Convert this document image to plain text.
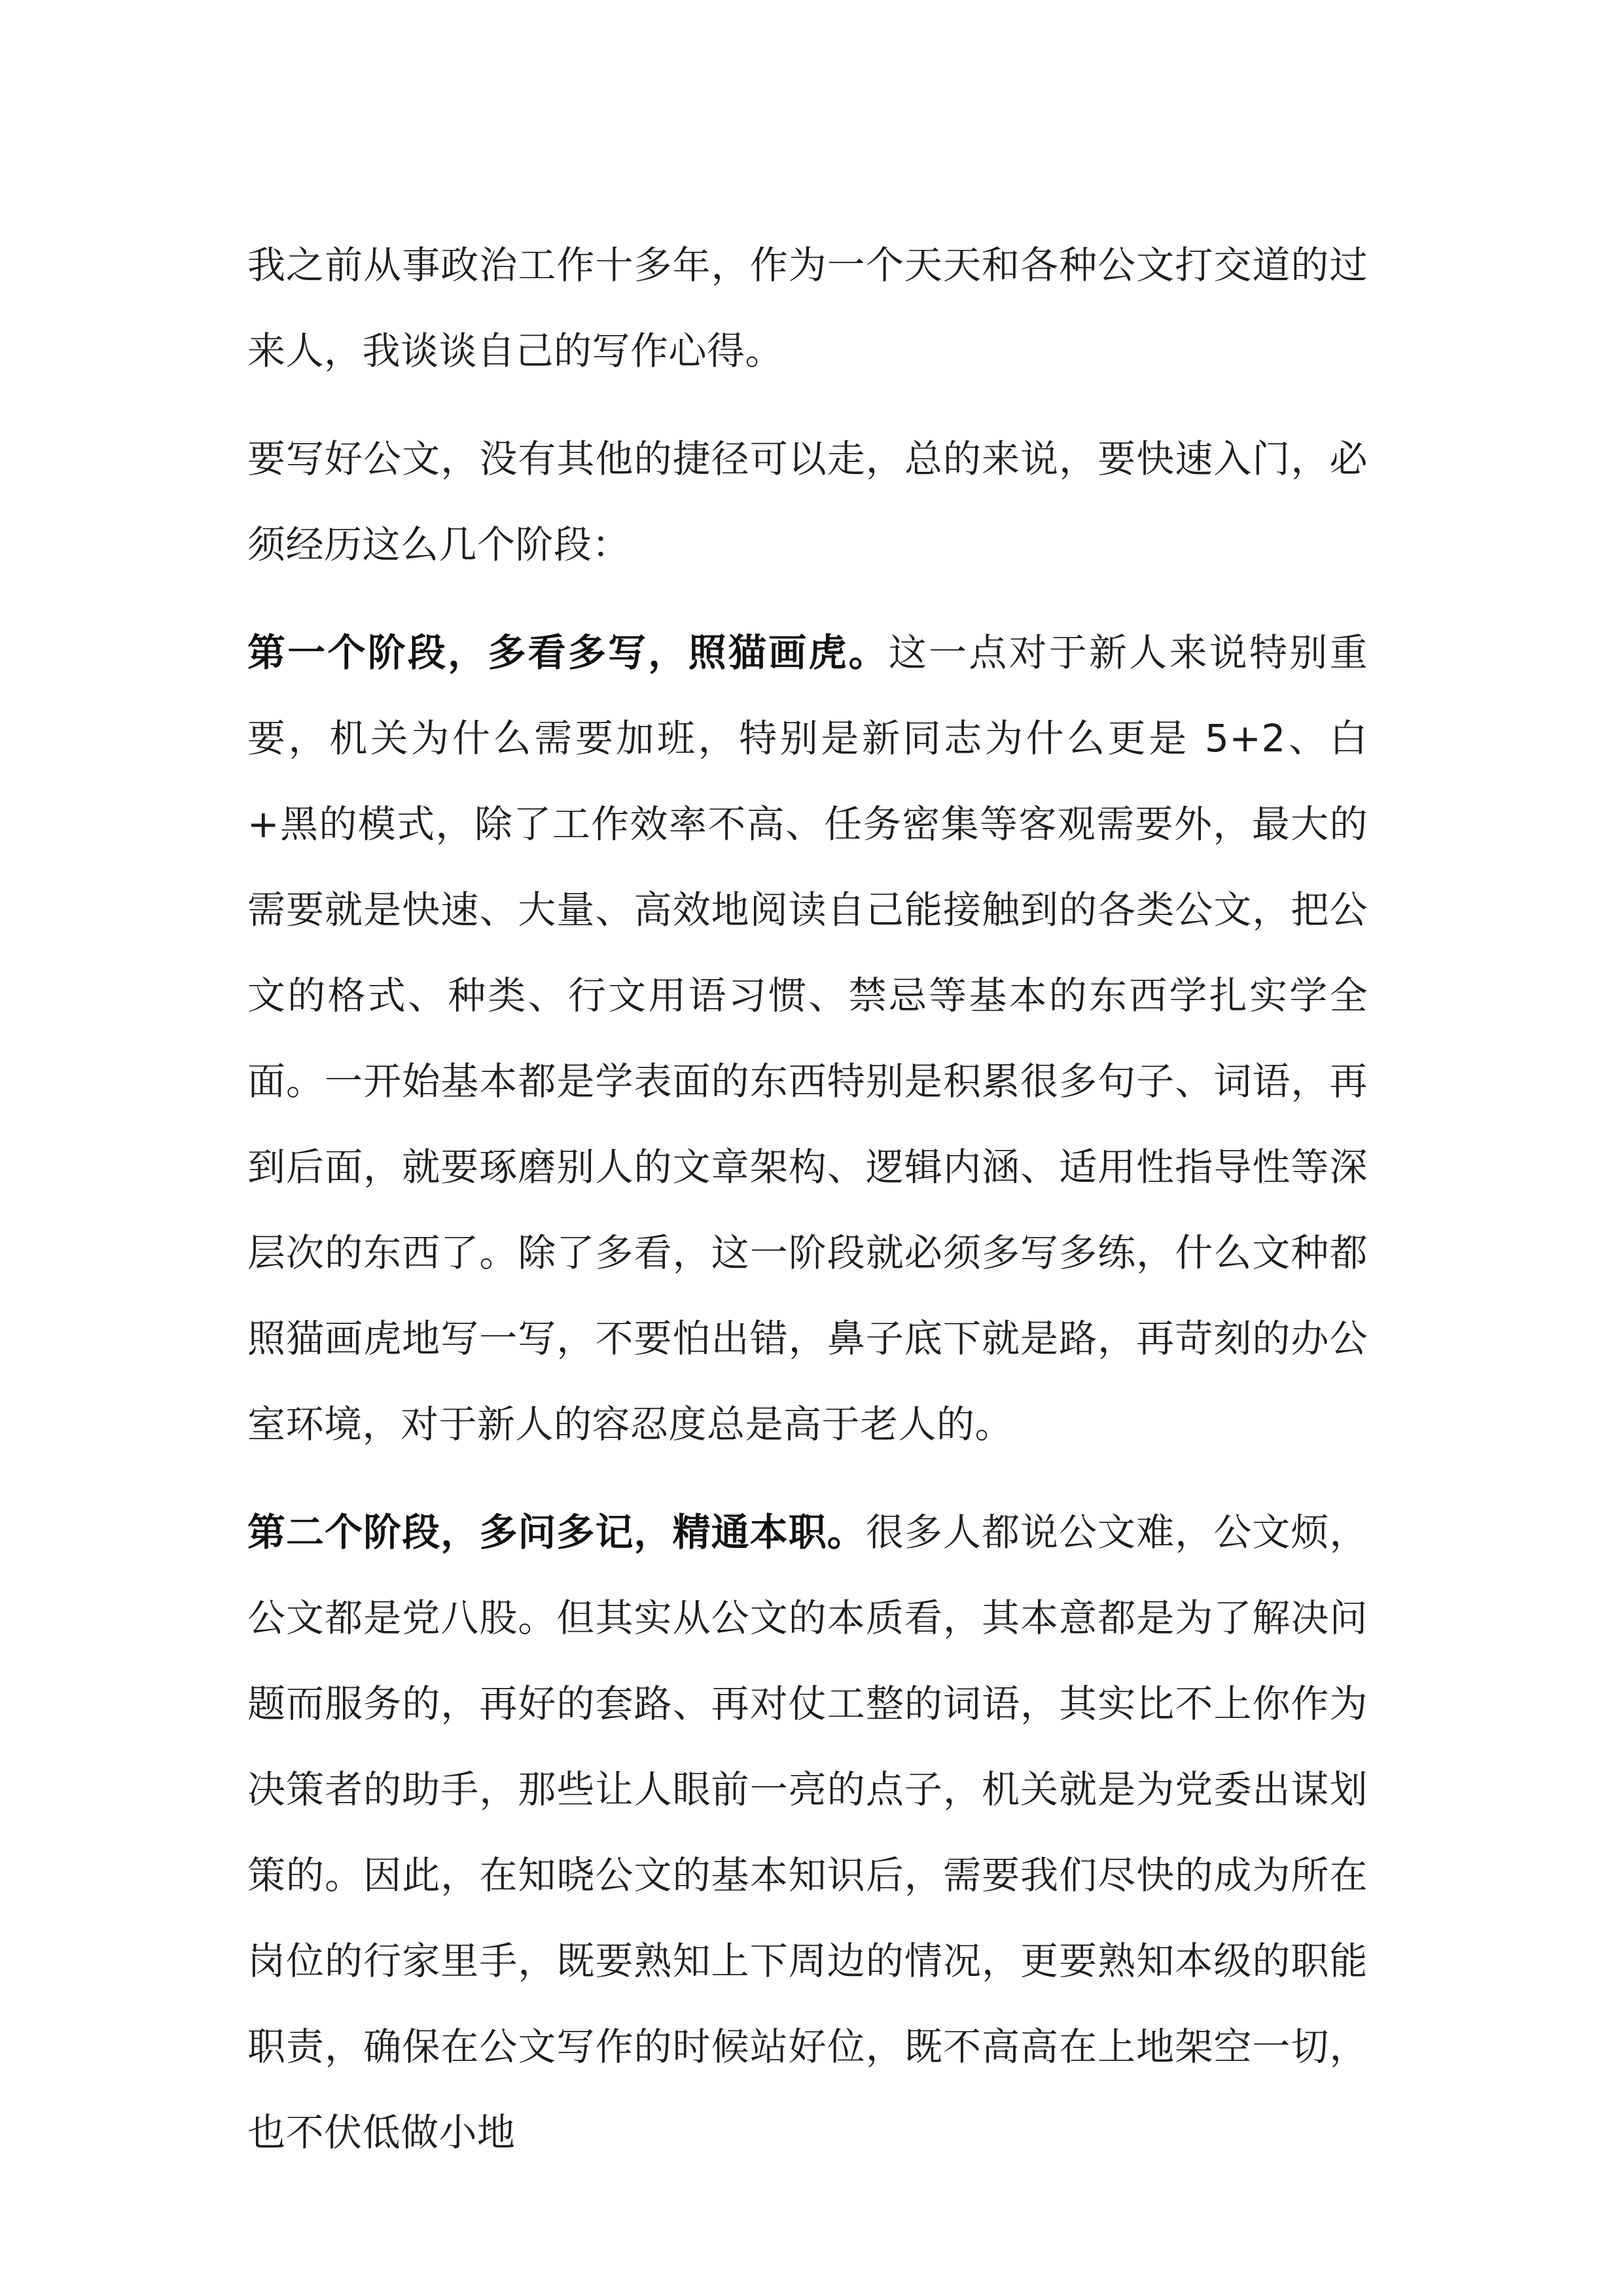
我之前从事政治工作十多年，作为一个天天和各种公文打交道的过来人，我谈谈自己的写作心得。

要写好公文，没有其他的捷径可以走，总的来说，要快速入门，必须经历这么几个阶段：

第一个阶段，多看多写，照猫画虎。这一点对于新人来说特别重要，机关为什么需要加班，特别是新同志为什么更是 5+2、白+黑的模式，除了工作效率不高、任务密集等客观需要外，最大的需要就是快速、大量、高效地阅读自己能接触到的各类公文，把公文的格式、种类、行文用语习惯、禁忌等基本的东西学扎实学全面。一开始基本都是学表面的东西特别是积累很多句子、词语，再到后面，就要琢磨别人的文章架构、逻辑内涵、适用性指导性等深层次的东西了。除了多看，这一阶段就必须多写多练，什么文种都照猫画虎地写一写，不要怕出错，鼻子底下就是路，再苛刻的办公室环境，对于新人的容忍度总是高于老人的。

第二个阶段，多问多记，精通本职。很多人都说公文难，公文烦，公文都是党八股。但其实从公文的本质看，其本意都是为了解决问题而服务的，再好的套路、再对仗工整的词语，其实比不上你作为决策者的助手，那些让人眼前一亮的点子，机关就是为党委出谋划策的。因此，在知晓公文的基本知识后，需要我们尽快的成为所在岗位的行家里手，既要熟知上下周边的情况，更要熟知本级的职能职责，确保在公文写作的时候站好位，既不高高在上地架空一切，也不伏低做小地
